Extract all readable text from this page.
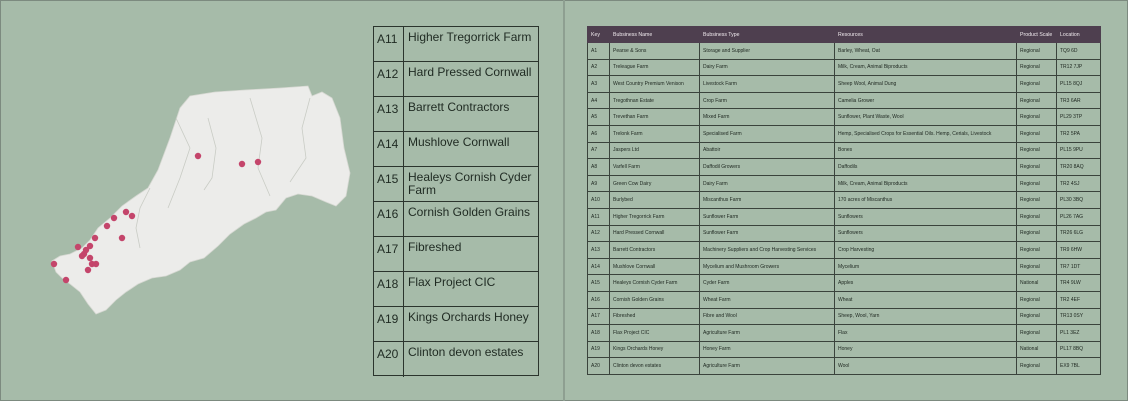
A11 Higher Tregorrick Farm
A12 Hard Pressed Cornwall
A13 Barrett Contractors
A14 Mushlove Cornwall
A15 Healeys Cornish Cyder Farm
A16 Cornish Golden Grains
A17 Fibreshed
A18 Flax Project CIC
A19 Kings Orchards Honey
A20 Clinton devon estates
Key	Bubsiness Name	Bubsiness Type	Resources	Product Scale	Location
A1	Pearse & Sons	Storage and Supplier	Barley, Wheat, Oat	Regional	TQ9 6D
A2	Treleague Farm	Dairy Farm	Milk, Cream, Animal Biproducts	Regional	TR12 7JP
A3	West Country Premium Venison	Livestock Farm	Sheep Wool, Animal Dung	Regional	PL15 8QJ
A4	Tregothnan Estate	Crop Farm	Camelia Grower	Regional	TR3 6AR
A5	Trevethan Farm	Mixed Farm	Sunflower, Plant Waste, Wool	Regional	PL29 3TP
A6	Trelonk Farm	Specialised Farm	Hemp, Specialised Crops for Essential Oils. Hemp, Cerials, Livestock	Regional	TR2 5PA
A7	Jaspers Ltd	Abattoir	Bones	Regional	PL15 9PU
A8	Varfell Farm	Daffodil Growers	Daffodils	Regional	TR20 8AQ
A9	Green Cow Dairy	Dairy Farm	Milk, Cream, Animal Biproducts	Regional	TR2 4SJ
A10	Burlybed	Miscanthus Farm	170 acres of Miscanthus	Regional	PL30 3BQ
A11	Higher Tregorrick Farm	Sunflower Farm	Sunflowers	Regional	PL26 7AG
A12	Hard Pressed Cornwall	Sunflower Farm	Sunflowers	Regional	TR26 6LG
A13	Barrett Contractors	Machinery Suppliers and Crop Harvesting Services	Crop Harvesting	Regional	TR9 6HW
A14	Mushlove Cornwall	Mycelium and Mushroom Growers	Mycelium	Regional	TR7 1DT
A15	Healeys Cornish Cyder Farm	Cyder Farm	Apples	National	TR4 9LW
A16	Cornish Golden Grains	Wheat Farm	Wheat	Regional	TR2 4EF
A17	Fibreshed	Fibre and Wool	Sheep, Wool, Yarn	Regional	TR13 0SY
A18	Flax Project CIC	Agriculture Farm	Flax	Regional	PL1 3EZ
A19	Kings Orchards Honey	Honey Farm	Honey	National	PL17 8BQ
A20	Clinton devon estates	Agriculture Farm	Wool	Regional	EX9 7BL
